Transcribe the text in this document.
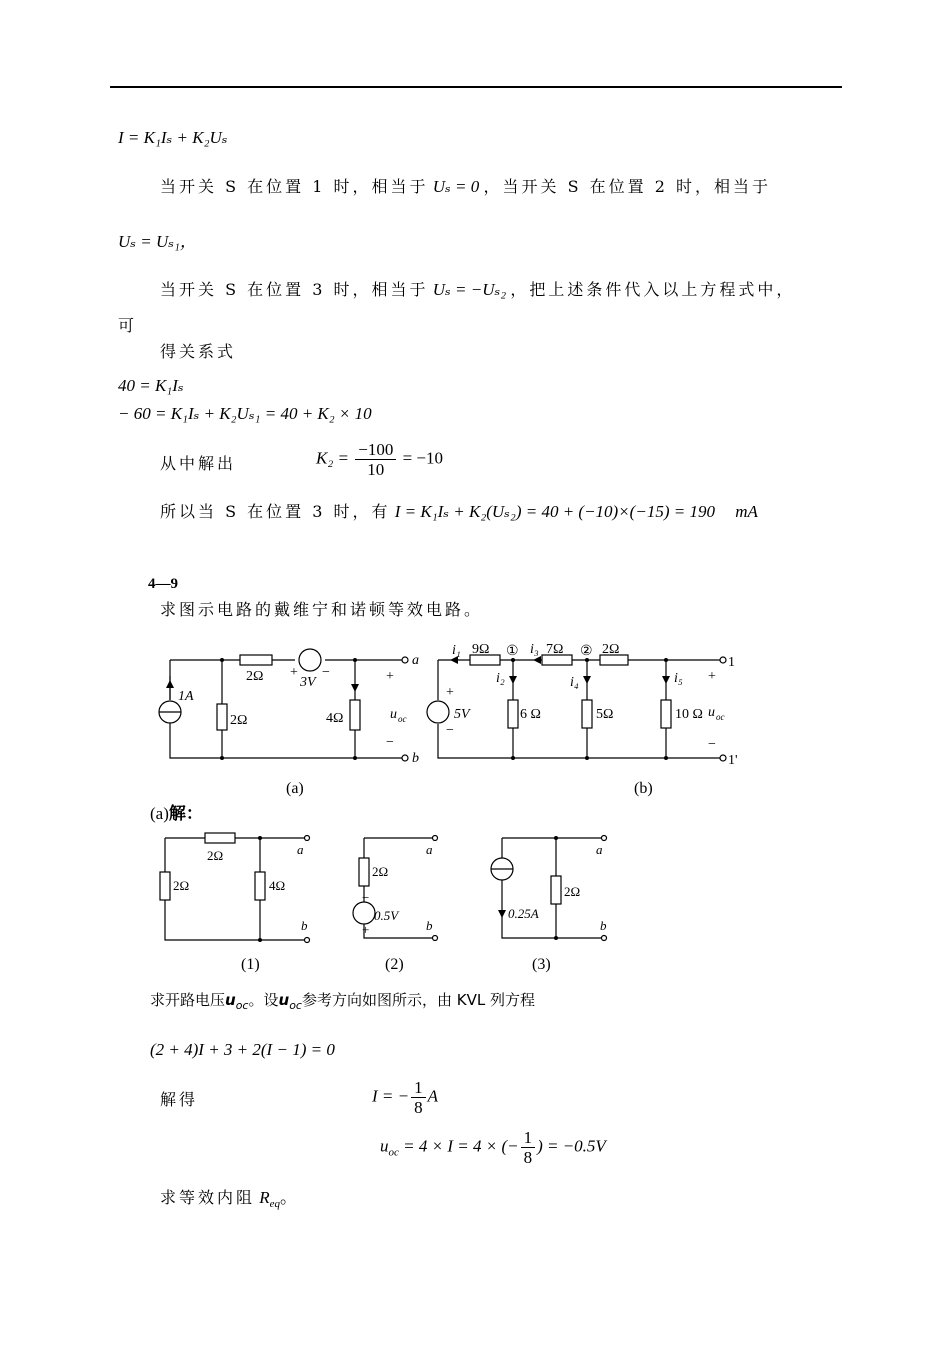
I = K₁Iₛ + K₂Uₛ
当开关 S 在位置 1 时，相当于 Uₛ = 0 ，当开关 S 在位置 2 时，相当于
Uₛ = Uₛ₁，
当开关 S 在位置 3 时，相当于 Uₛ = −Uₛ₂ ，把上述条件代入以上方程式中，
可
得关系式
40 = K₁Iₛ
− 60 = K₁Iₛ + K₂Uₛ₁ = 40 + K₂ × 10
从中解出	$K_2 = \frac{-100}{10} = -10$
所以当 S 在位置 3 时，有 I = K₁Iₛ + K₂(Uₛ₂) = 40 + (−10)×(−15) = 190 mA
4—9
求图示电路的戴维宁和诺顿等效电路。
2Ω
2Ω	4Ω
3V
+ −
1A
+
−
u oc
a
b
i₁ 9Ω ① i₃ 7Ω ② 2Ω
i₂	i₄	i₅
6 Ω	5Ω	10 Ω
5V
+
−
+
−
u oc
1
1'
(a)	(b)
(a)解：
2Ω
2Ω	4Ω
a
b
2Ω
0.5V
−
+
a
b
0.25A
2Ω
a
b
(1)	(2)	(3)
求开路电压$u_{oc}$。设$u_{oc}$参考方向如图所示，由 KVL 列方程
(2 + 4)I + 3 + 2(I − 1) = 0
解得	I = − $\frac{1}{8}$ A
$u_{oc} = 4 \times I = 4$ × (− $\frac{1}{8}$ ) = −0.5V
求等效内阻 $R_{eq}$。
